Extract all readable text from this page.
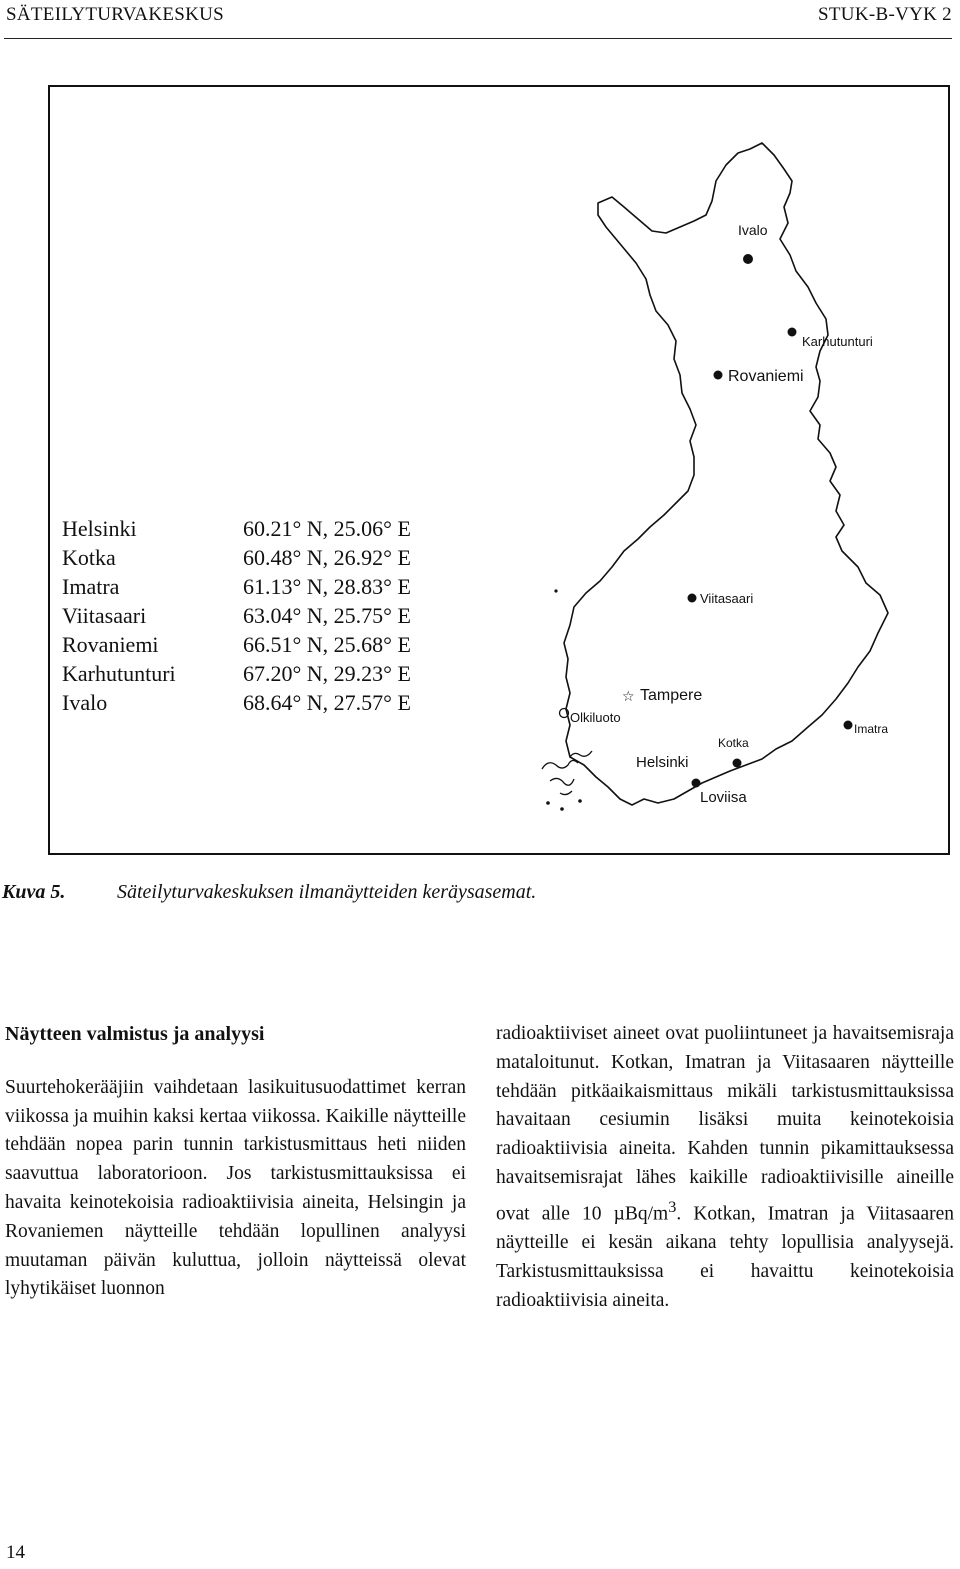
SÄTEILYTURVAKESKUS	STUK-B-VYK 2
Helsinki	60.21° N, 25.06° E
Kotka	60.48° N, 26.92° E
Imatra	61.13° N, 28.83° E
Viitasaari	63.04° N, 25.75° E
Rovaniemi	66.51° N, 25.68° E
Karhutunturi	67.20° N, 29.23° E
Ivalo	68.64° N, 27.57° E
Ivalo
Karhutunturi
Rovaniemi
Viitasaari
☆ Tampere
Olkiluoto
Imatra
Kotka
Helsinki
Loviisa
Kuva 5.	Säteilyturvakeskuksen ilmanäytteiden keräysasemat.
Näytteen valmistus ja analyysi

Suurtehokerääjiin vaihdetaan lasikuitusuodattimet kerran viikossa ja muihin kaksi kertaa viikossa. Kaikille näytteille tehdään nopea parin tunnin tarkistusmittaus heti niiden saavuttua laboratorioon. Jos tarkistusmittauksissa ei havaita keinotekoisia radioaktiivisia aineita, Helsingin ja Rovaniemen näytteille tehdään lopullinen analyysi muutaman päivän kuluttua, jolloin näytteissä olevat lyhytikäiset luonnon

radioaktiiviset aineet ovat puoliintuneet ja havaitsemisraja mataloitunut. Kotkan, Imatran ja Viitasaaren näytteille tehdään pitkäaikaismittaus mikäli tarkistusmittauksissa havaitaan cesiumin lisäksi muita keinotekoisia radioaktiivisia aineita. Kahden tunnin pikamittauksessa havaitsemisrajat lähes kaikille radioaktiivisille aineille ovat alle 10 µBq/$m^3$. Kotkan, Imatran ja Viitasaaren näytteille ei kesän aikana tehty lopullisia analyysejä. Tarkistusmittauksissa ei havaittu keinotekoisia radioaktiivisia aineita.

14
